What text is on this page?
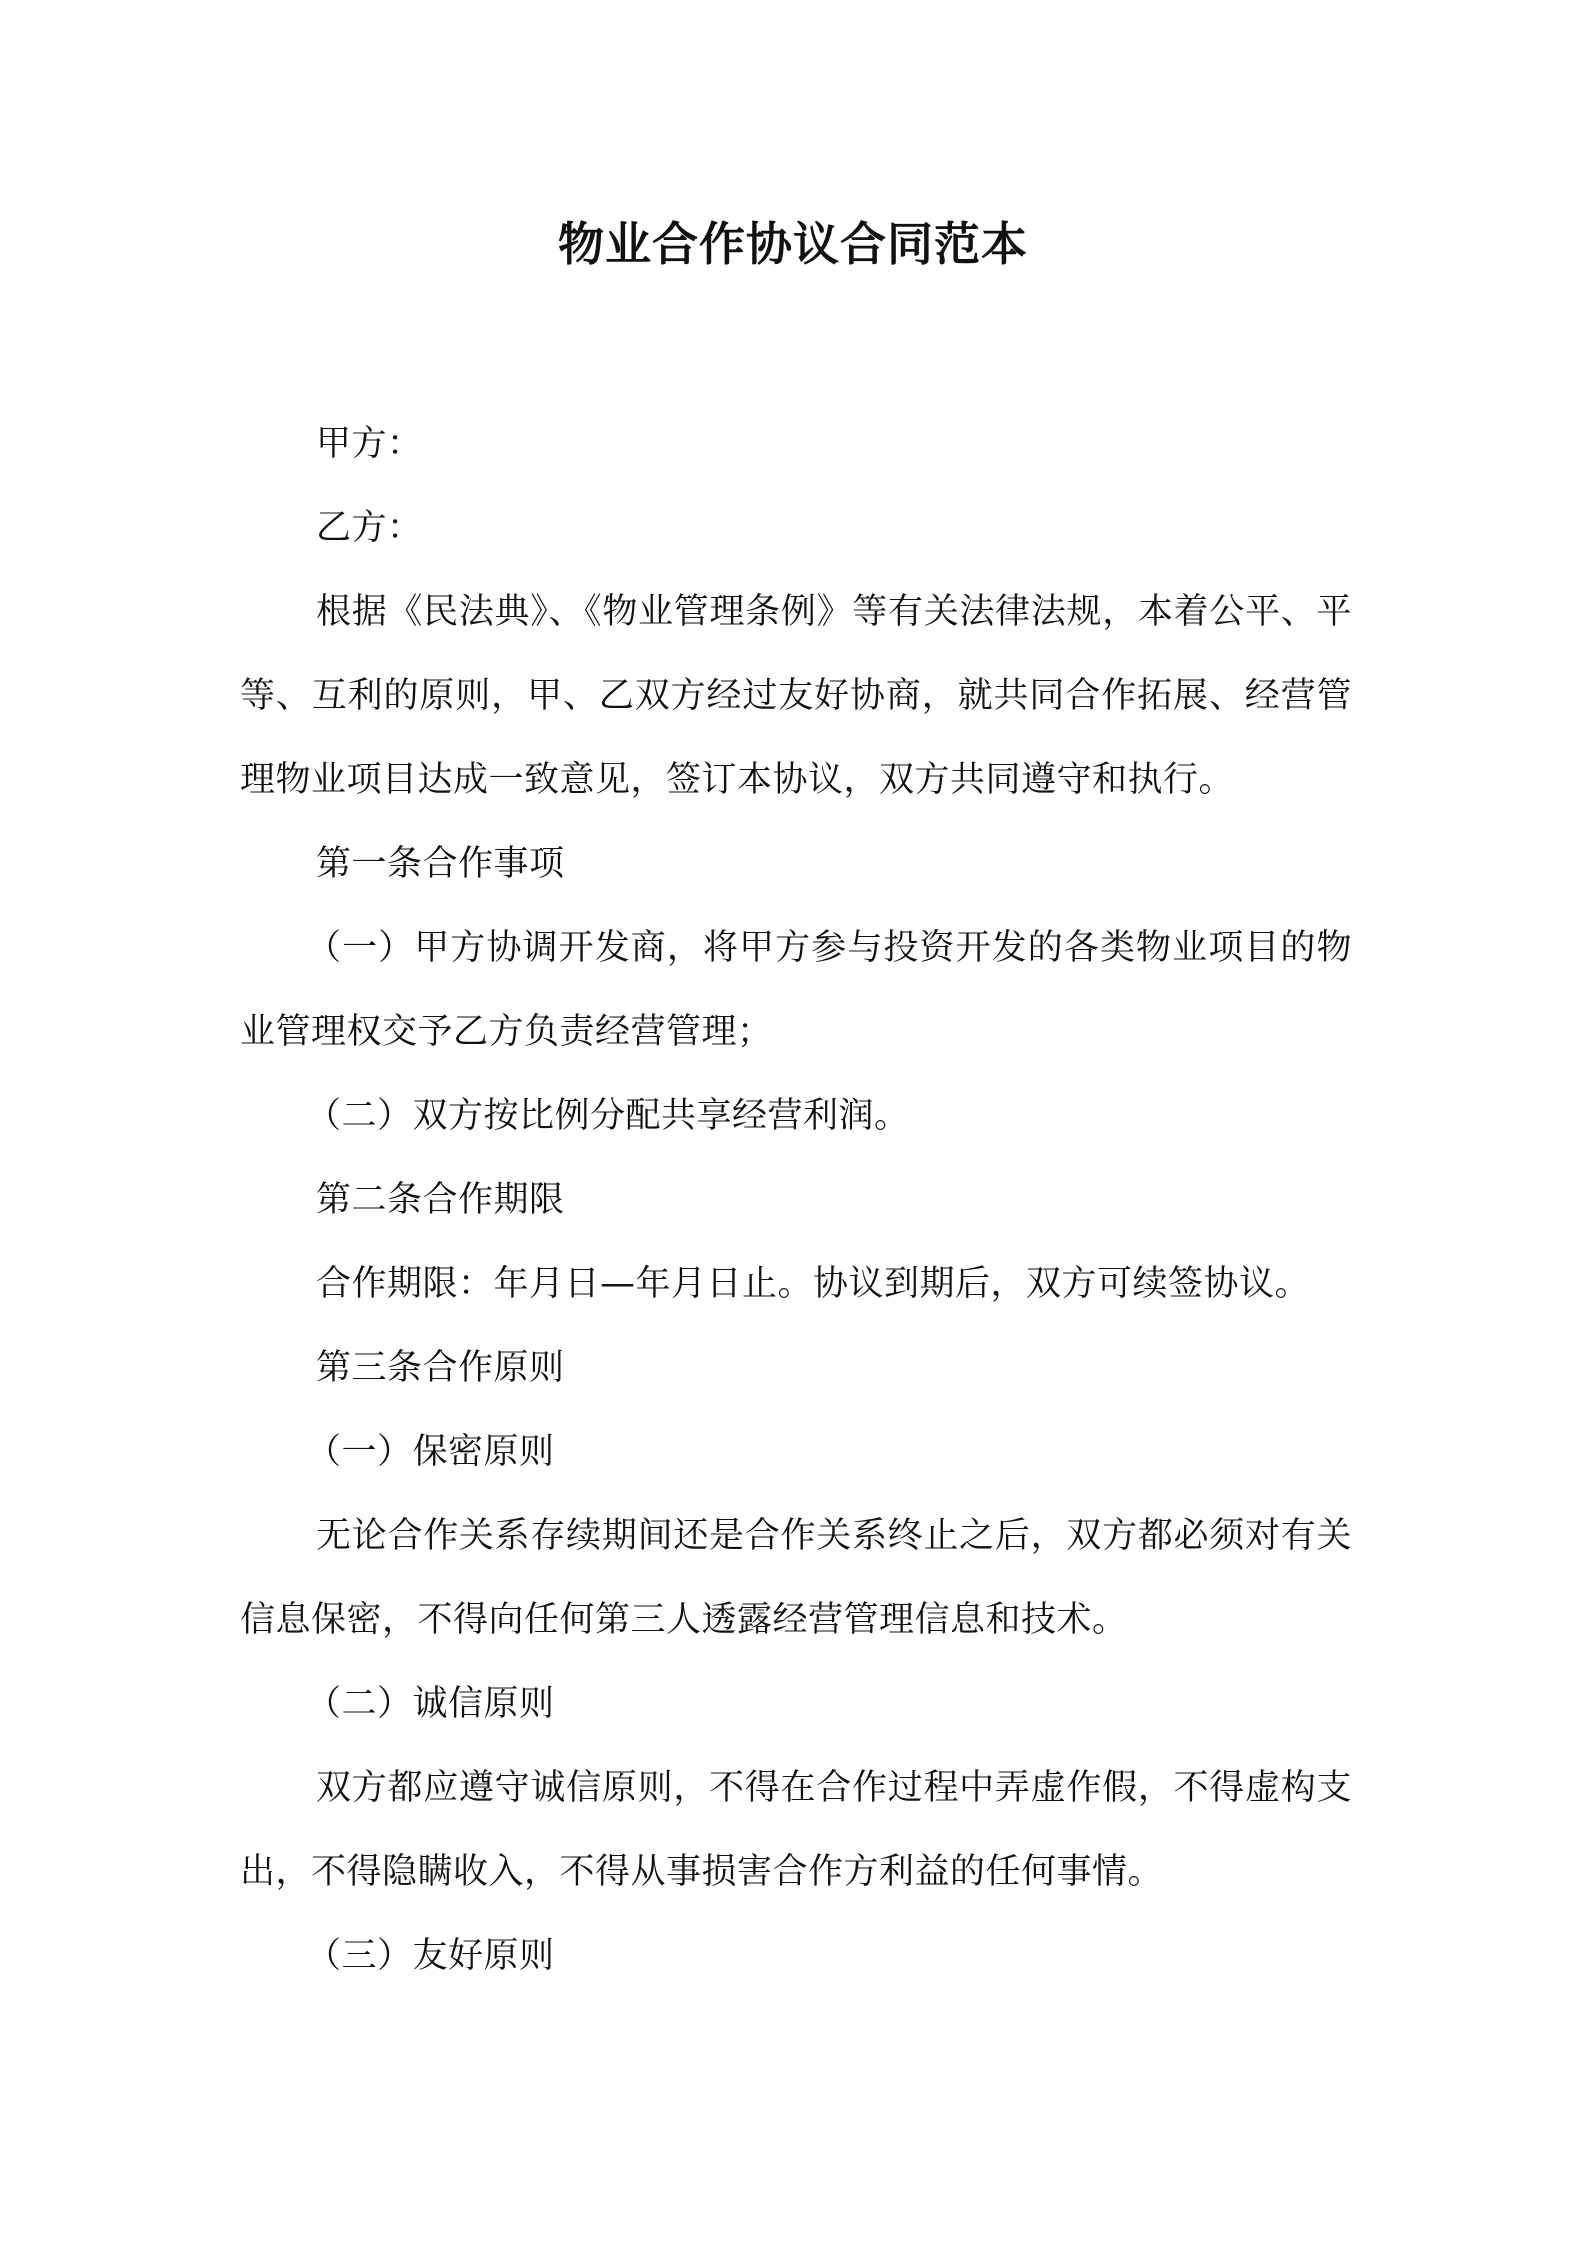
物业合作协议合同范本

甲方：

乙方：

根据《民法典》、《物业管理条例》等有关法律法规，本着公平、平等、互利的原则，甲、乙双方经过友好协商，就共同合作拓展、经营管理物业项目达成一致意见，签订本协议，双方共同遵守和执行。

第一条合作事项

（一）甲方协调开发商，将甲方参与投资开发的各类物业项目的物业管理权交予乙方负责经营管理；

（二）双方按比例分配共享经营利润。

第二条合作期限

合作期限：年月日—年月日止。协议到期后，双方可续签协议。

第三条合作原则

（一）保密原则

无论合作关系存续期间还是合作关系终止之后，双方都必须对有关信息保密，不得向任何第三人透露经营管理信息和技术。

（二）诚信原则

双方都应遵守诚信原则，不得在合作过程中弄虚作假，不得虚构支出，不得隐瞒收入，不得从事损害合作方利益的任何事情。

（三）友好原则
